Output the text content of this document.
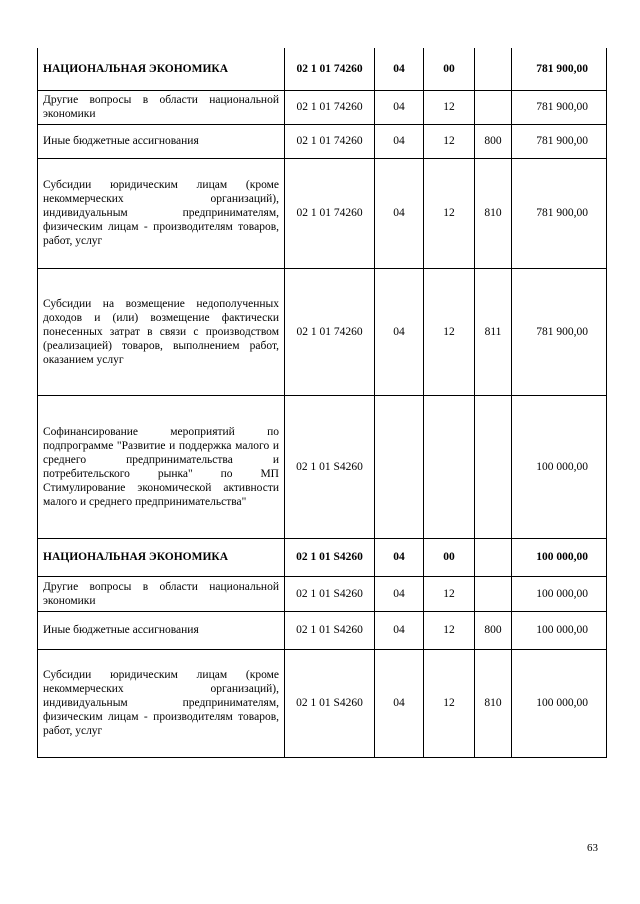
НАЦИОНАЛЬНАЯ ЭКОНОМИКА	02 1 01 74260	04	00		781 900,00
Другие вопросы в области национальной экономики	02 1 01 74260	04	12		781 900,00
Иные бюджетные ассигнования	02 1 01 74260	04	12	800	781 900,00
Субсидии юридическим лицам (кроме некоммерческих организаций), индивидуальным предпринимателям, физическим лицам - производителям товаров, работ, услуг	02 1 01 74260	04	12	810	781 900,00
Субсидии на возмещение недополученных доходов и (или) возмещение фактически понесенных затрат в связи с производством (реализацией) товаров, выполнением работ, оказанием услуг	02 1 01 74260	04	12	811	781 900,00
Софинансирование мероприятий по подпрограмме "Развитие и поддержка малого и среднего предпринимательства и потребительского рынка" по МП Стимулирование экономической активности малого и среднего предпринимательства"	02 1 01 S4260				100 000,00
НАЦИОНАЛЬНАЯ ЭКОНОМИКА	02 1 01 S4260	04	00		100 000,00
Другие вопросы в области национальной экономики	02 1 01 S4260	04	12		100 000,00
Иные бюджетные ассигнования	02 1 01 S4260	04	12	800	100 000,00
Субсидии юридическим лицам (кроме некоммерческих организаций), индивидуальным предпринимателям, физическим лицам - производителям товаров, работ, услуг	02 1 01 S4260	04	12	810	100 000,00
63
